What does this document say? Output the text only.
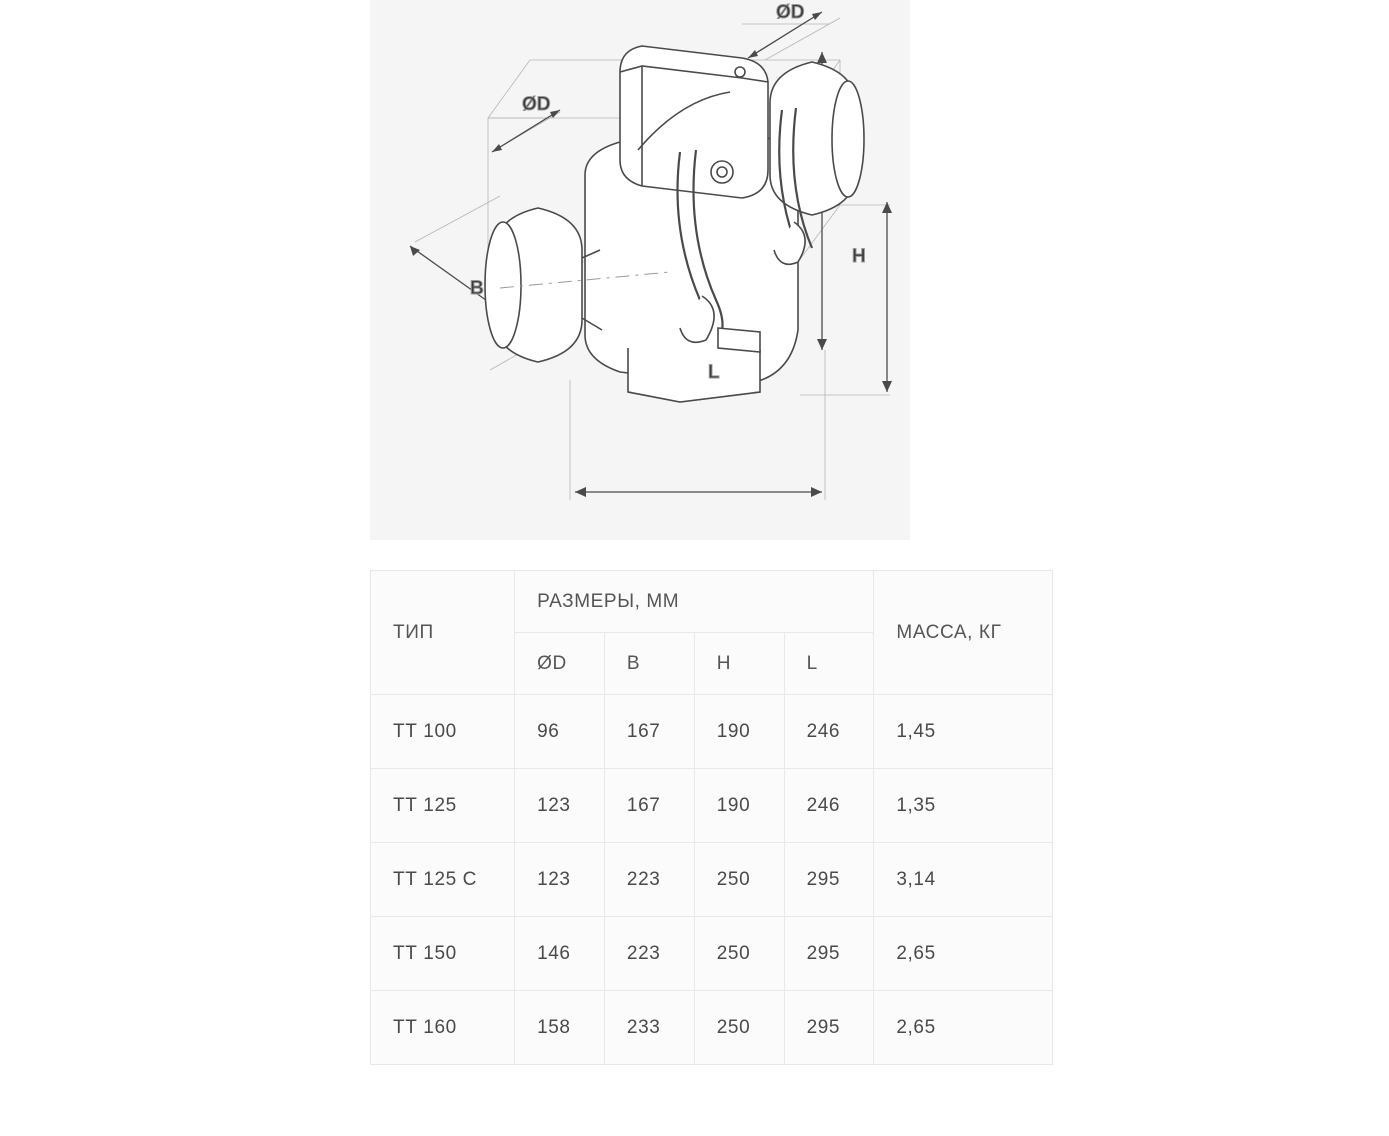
ØD
ØD
B
H
L
ТИП	РАЗМЕРЫ, ММ				МАССА, КГ
	ØD	B	H	L	
ТТ 100	96	167	190	246	1,45
ТТ 125	123	167	190	246	1,35
ТТ 125 С	123	223	250	295	3,14
ТТ 150	146	223	250	295	2,65
ТТ 160	158	233	250	295	2,65
